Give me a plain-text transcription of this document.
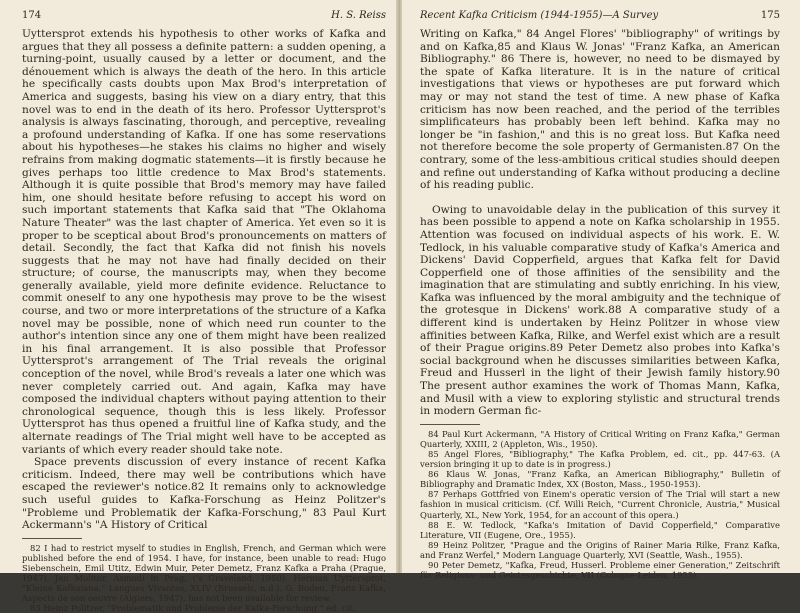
174	H. S. Reiss

Uyttersprot extends his hypothesis to other works of Kafka and argues that they all possess a definite pattern: a sudden opening, a turning-point, usually caused by a letter or document, and the dénouement which is always the death of the hero. In this article he specifically casts doubts upon Max Brod's interpretation of America and suggests, basing his view on a diary entry, that this novel was to end in the death of its hero. Professor Uyttersprot's analysis is always fascinating, thorough, and perceptive, revealing a profound understanding of Kafka. If one has some reservations about his hypotheses—he stakes his claims no higher and wisely refrains from making dogmatic statements—it is firstly because he gives perhaps too little credence to Max Brod's statements. Although it is quite possible that Brod's memory may have failed him, one should hesitate before refusing to accept his word on such important statements that Kafka said that "The Oklahoma Nature Theater" was the last chapter of America. Yet even so it is proper to be sceptical about Brod's pronouncements on matters of detail. Secondly, the fact that Kafka did not finish his novels suggests that he may not have had finally decided on their structure; of course, the manuscripts may, when they become generally available, yield more definite evidence. Reluctance to commit oneself to any one hypothesis may prove to be the wisest course, and two or more interpretations of the structure of a Kafka novel may be possible, none of which need run counter to the author's intention since any one of them might have been realized in his final arrangement. It is also possible that Professor Uyttersprot's arrangement of The Trial reveals the original conception of the novel, while Brod's reveals a later one which was never completely carried out. And again, Kafka may have composed the individual chapters without paying attention to their chronological sequence, though this is less likely. Professor Uyttersprot has thus opened a fruitful line of Kafka study, and the alternate readings of The Trial might well have to be accepted as variants of which every reader should take note.

Space prevents discussion of every instance of recent Kafka criticism. Indeed, there may well be contributions which have escaped the reviewer's notice.82 It remains only to acknowledge such useful guides to Kafka-Forschung as Heinz Politzer's "Probleme und Problematik der Kafka-Forschung," 83 Paul Kurt Ackermann's "A History of Critical

82 I had to restrict myself to studies in English, French, and German which were published before the end of 1954. I have, for instance, been unable to read: Hugo Siebenschein, Emil Utitz, Edwin Muir, Peter Demetz, Franz Kafka a Praha (Prague, 1947), Jan Molitor, Asmodi in Prag, ('s Graveland, 1950). Herman Uyttersprot, "Kleine Kafkaiana," Langues Vivantes, XLIV (Brussels, n.d.). G. Boden, Franz Kafka, Aspects de son oeuvre (Algiers, 1947), has not been available for review.

83 Heinz Politzer, "Problematik und Probleme der Kafka-Forschung," ed. cit.

Recent Kafka Criticism (1944-1955)—A Survey	175

Writing on Kafka," 84 Angel Flores' "bibliography" of writings by and on Kafka,85 and Klaus W. Jonas' "Franz Kafka, an American Bibliography." 86 There is, however, no need to be dismayed by the spate of Kafka literature. It is in the nature of critical investigations that views or hypotheses are put forward which may or may not stand the test of time. A new phase of Kafka criticism has now been reached, and the period of the terribles simplificateurs has probably been left behind. Kafka may no longer be "in fashion," and this is no great loss. But Kafka need not therefore become the sole property of Germanisten.87 On the contrary, some of the less-ambitious critical studies should deepen and refine out understanding of Kafka without producing a decline of his reading public.

Owing to unavoidable delay in the publication of this survey it has been possible to append a note on Kafka scholarship in 1955. Attention was focused on individual aspects of his work. E. W. Tedlock, in his valuable comparative study of Kafka's America and Dickens' David Copperfield, argues that Kafka felt for David Copperfield one of those affinities of the sensibility and the imagination that are stimulating and subtly enriching. In his view, Kafka was influenced by the moral ambiguity and the technique of the grotesque in Dickens' work.88 A comparative study of a different kind is undertaken by Heinz Politzer in whose view affinities between Kafka, Rilke, and Werfel exist which are a result of their Prague origins.89 Peter Demetz also probes into Kafka's social background when he discusses similarities between Kafka, Freud and Husserl in the light of their Jewish family history.90 The present author examines the work of Thomas Mann, Kafka, and Musil with a view to exploring stylistic and structural trends in modern German fic-

84 Paul Kurt Ackermann, "A History of Critical Writing on Franz Kafka," German Quarterly, XXIII, 2 (Appleton, Wis., 1950).

85 Angel Flores, "Bibliography," The Kafka Problem, ed. cit., pp. 447-63. (A version bringing it up to date is in progress.)

86 Klaus W. Jonas, "Franz Kafka, an American Bibliography," Bulletin of Bibliography and Dramatic Index, XX (Boston, Mass., 1950-1953).

87 Perhaps Gottfried von Einem's operatic version of The Trial will start a new fashion in musical criticism. (Cf. Willi Reich, "Current Chronicle, Austria," Musical Quarterly, XL, New York, 1954, for an account of this opera.)

88 E. W. Tedlock, "Kafka's Imitation of David Copperfield," Comparative Literature, VII (Eugene, Ore., 1955).

89 Heinz Politzer, "Prague and the Origins of Rainer Maria Rilke, Franz Kafka, and Franz Werfel," Modern Language Quarterly, XVI (Seattle, Wash., 1955).

90 Peter Demetz, "Kafka, Freud, Husserl. Probleme einer Generation," Zeitschrift für Religions- und Geistesgeschichte, VII (Cologne-Leiden, 1955).
